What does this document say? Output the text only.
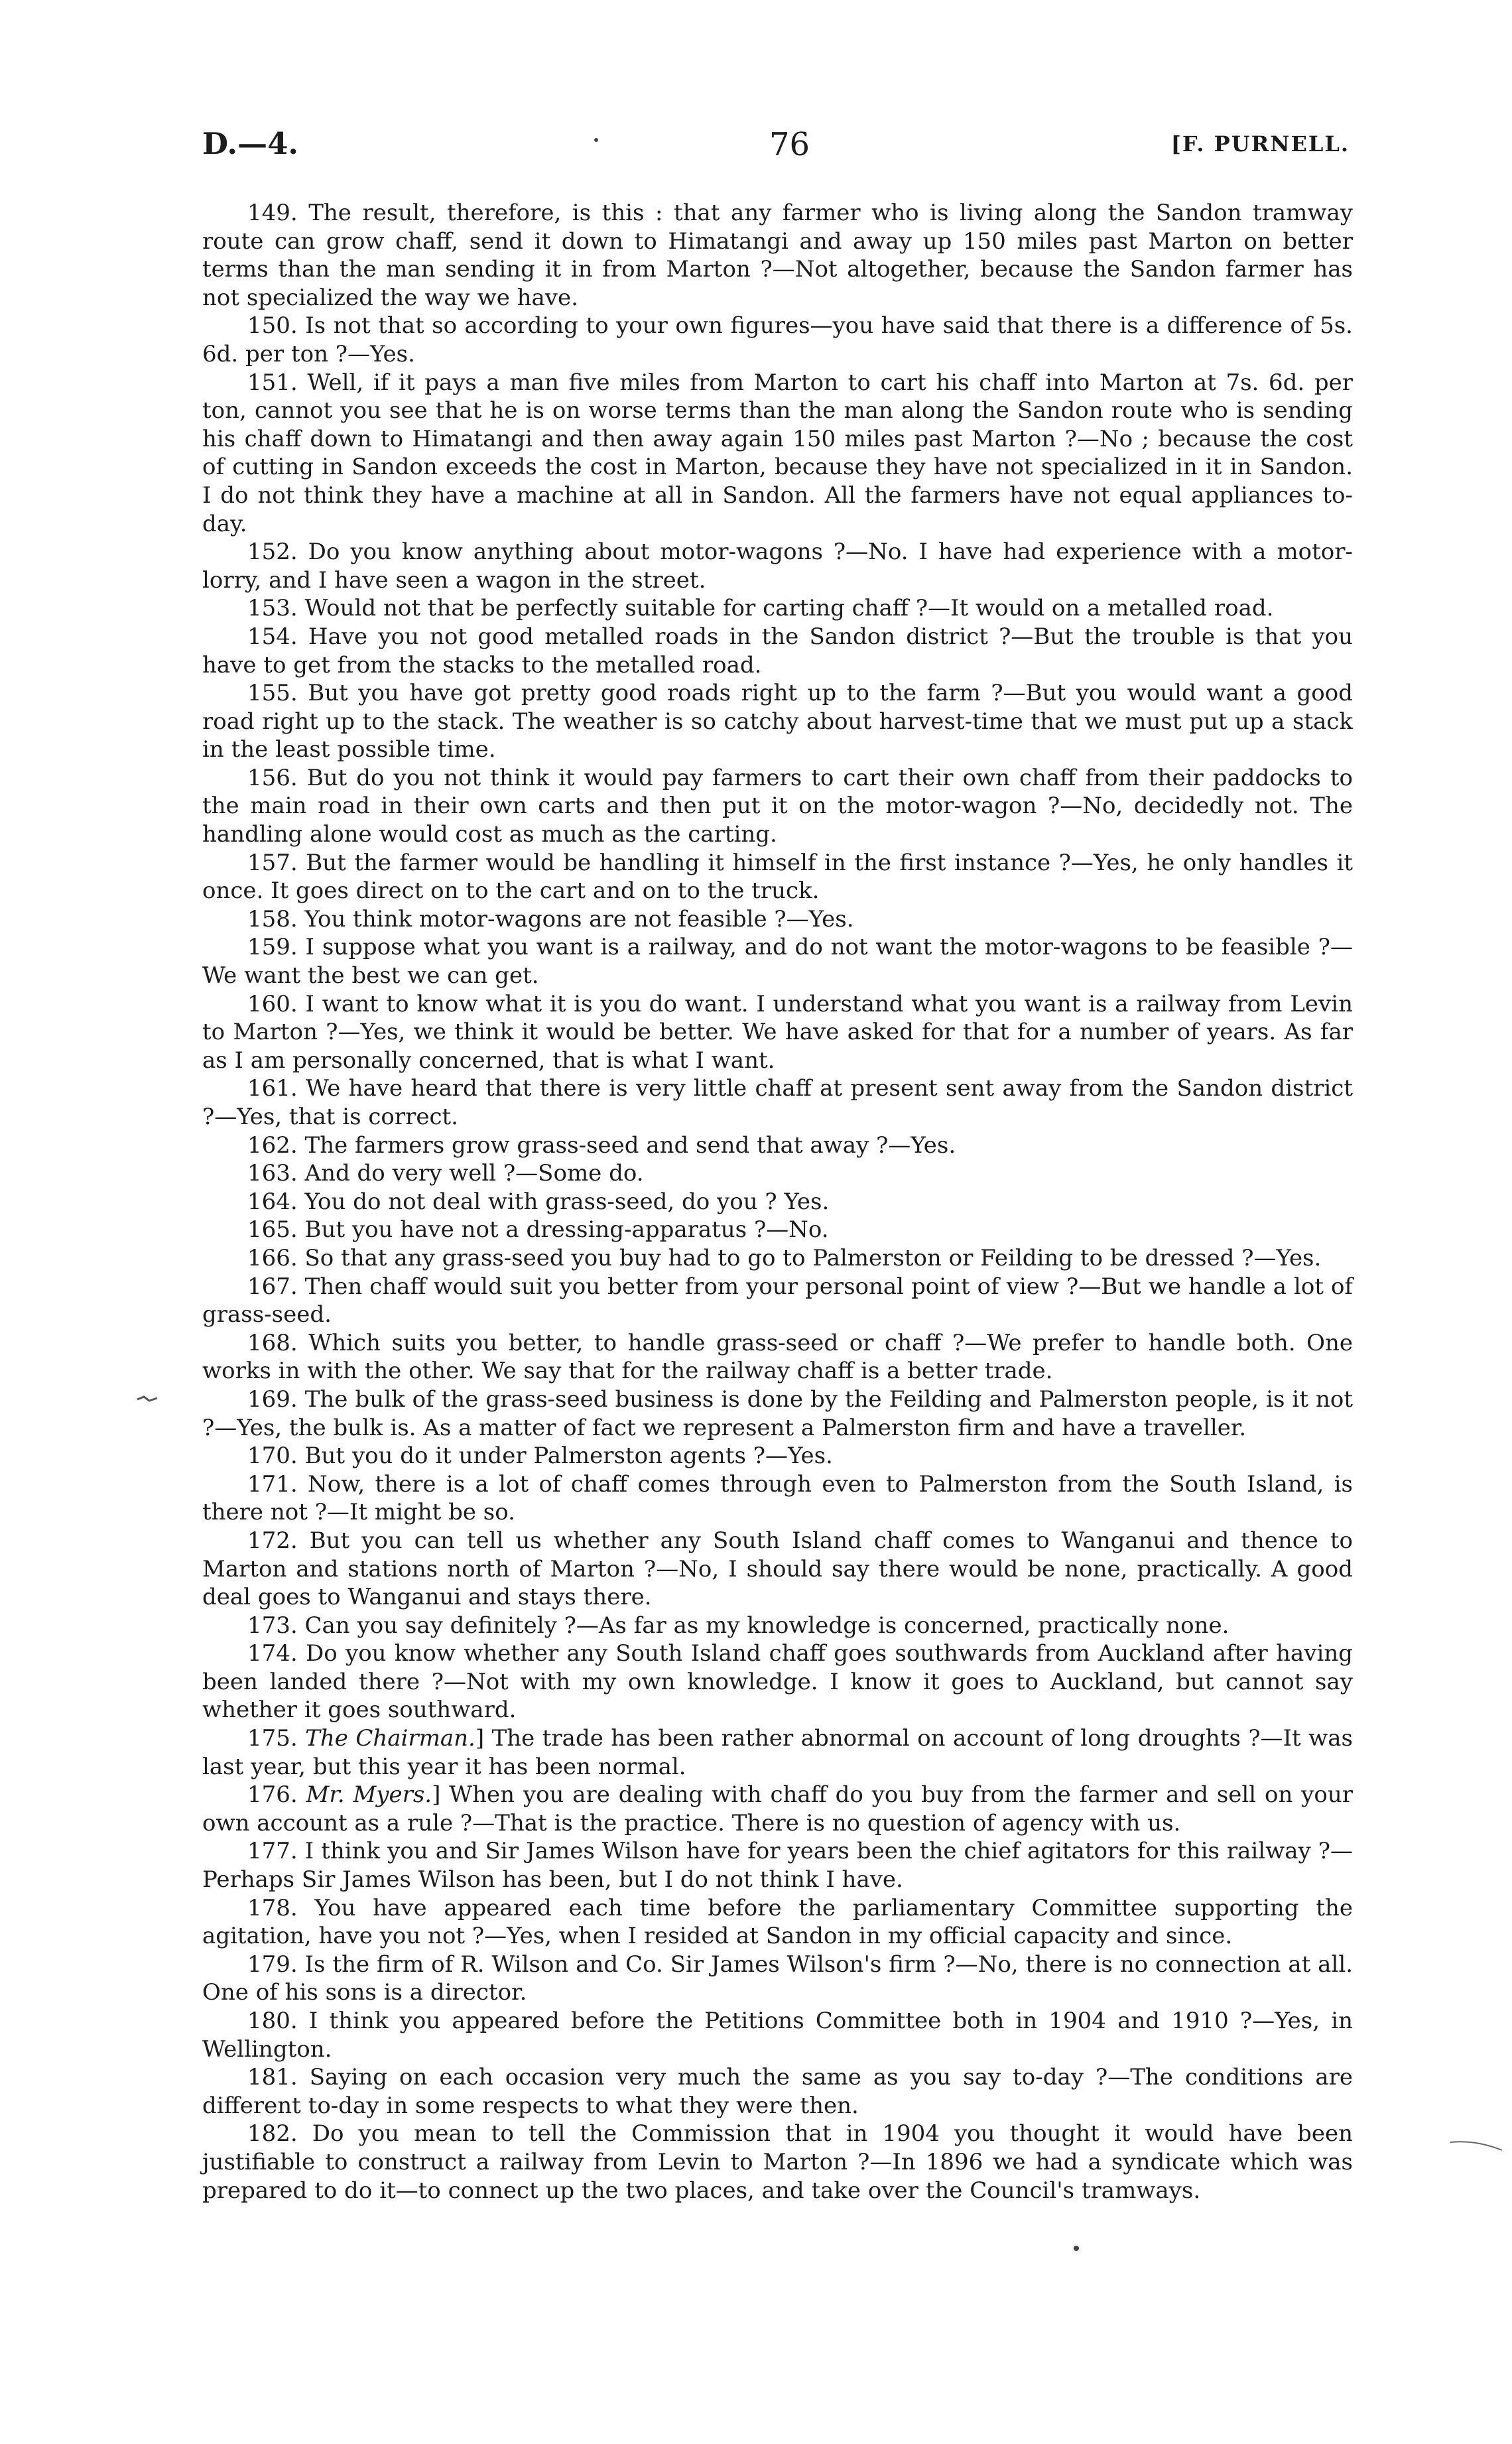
D.—4.	76	[F. PURNELL.

149. The result, therefore, is this : that any farmer who is living along the Sandon tramway route can grow chaff, send it down to Himatangi and away up 150 miles past Marton on better terms than the man sending it in from Marton ?—Not altogether, because the Sandon farmer has not specialized the way we have.

150. Is not that so according to your own figures—you have said that there is a difference of 5s. 6d. per ton ?—Yes.

151. Well, if it pays a man five miles from Marton to cart his chaff into Marton at 7s. 6d. per ton, cannot you see that he is on worse terms than the man along the Sandon route who is sending his chaff down to Himatangi and then away again 150 miles past Marton ?—No ; because the cost of cutting in Sandon exceeds the cost in Marton, because they have not specialized in it in Sandon. I do not think they have a machine at all in Sandon. All the farmers have not equal appliances to-day.

152. Do you know anything about motor-wagons ?—No. I have had experience with a motor-lorry, and I have seen a wagon in the street.

153. Would not that be perfectly suitable for carting chaff ?—It would on a metalled road.

154. Have you not good metalled roads in the Sandon district ?—But the trouble is that you have to get from the stacks to the metalled road.

155. But you have got pretty good roads right up to the farm ?—But you would want a good road right up to the stack. The weather is so catchy about harvest-time that we must put up a stack in the least possible time.

156. But do you not think it would pay farmers to cart their own chaff from their paddocks to the main road in their own carts and then put it on the motor-wagon ?—No, decidedly not. The handling alone would cost as much as the carting.

157. But the farmer would be handling it himself in the first instance ?—Yes, he only handles it once. It goes direct on to the cart and on to the truck.

158. You think motor-wagons are not feasible ?—Yes.

159. I suppose what you want is a railway, and do not want the motor-wagons to be feasible ?—We want the best we can get.

160. I want to know what it is you do want. I understand what you want is a railway from Levin to Marton ?—Yes, we think it would be better. We have asked for that for a number of years. As far as I am personally concerned, that is what I want.

161. We have heard that there is very little chaff at present sent away from the Sandon district ?—Yes, that is correct.

162. The farmers grow grass-seed and send that away ?—Yes.

163. And do very well ?—Some do.

164. You do not deal with grass-seed, do you ? Yes.

165. But you have not a dressing-apparatus ?—No.

166. So that any grass-seed you buy had to go to Palmerston or Feilding to be dressed ?—Yes.

167. Then chaff would suit you better from your personal point of view ?—But we handle a lot of grass-seed.

168. Which suits you better, to handle grass-seed or chaff ?—We prefer to handle both. One works in with the other. We say that for the railway chaff is a better trade.

169. The bulk of the grass-seed business is done by the Feilding and Palmerston people, is it not ?—Yes, the bulk is. As a matter of fact we represent a Palmerston firm and have a traveller.

170. But you do it under Palmerston agents ?—Yes.

171. Now, there is a lot of chaff comes through even to Palmerston from the South Island, is there not ?—It might be so.

172. But you can tell us whether any South Island chaff comes to Wanganui and thence to Marton and stations north of Marton ?—No, I should say there would be none, practically. A good deal goes to Wanganui and stays there.

173. Can you say definitely ?—As far as my knowledge is concerned, practically none.

174. Do you know whether any South Island chaff goes southwards from Auckland after having been landed there ?—Not with my own knowledge. I know it goes to Auckland, but cannot say whether it goes southward.

175. The Chairman.] The trade has been rather abnormal on account of long droughts ?—It was last year, but this year it has been normal.

176. Mr. Myers.] When you are dealing with chaff do you buy from the farmer and sell on your own account as a rule ?—That is the practice. There is no question of agency with us.

177. I think you and Sir James Wilson have for years been the chief agitators for this railway ?—Perhaps Sir James Wilson has been, but I do not think I have.

178. You have appeared each time before the parliamentary Committee supporting the agitation, have you not ?—Yes, when I resided at Sandon in my official capacity and since.

179. Is the firm of R. Wilson and Co. Sir James Wilson's firm ?—No, there is no connection at all. One of his sons is a director.

180. I think you appeared before the Petitions Committee both in 1904 and 1910 ?—Yes, in Wellington.

181. Saying on each occasion very much the same as you say to-day ?—The conditions are different to-day in some respects to what they were then.

182. Do you mean to tell the Commission that in 1904 you thought it would have been justifiable to construct a railway from Levin to Marton ?—In 1896 we had a syndicate which was prepared to do it—to connect up the two places, and take over the Council's tramways.
